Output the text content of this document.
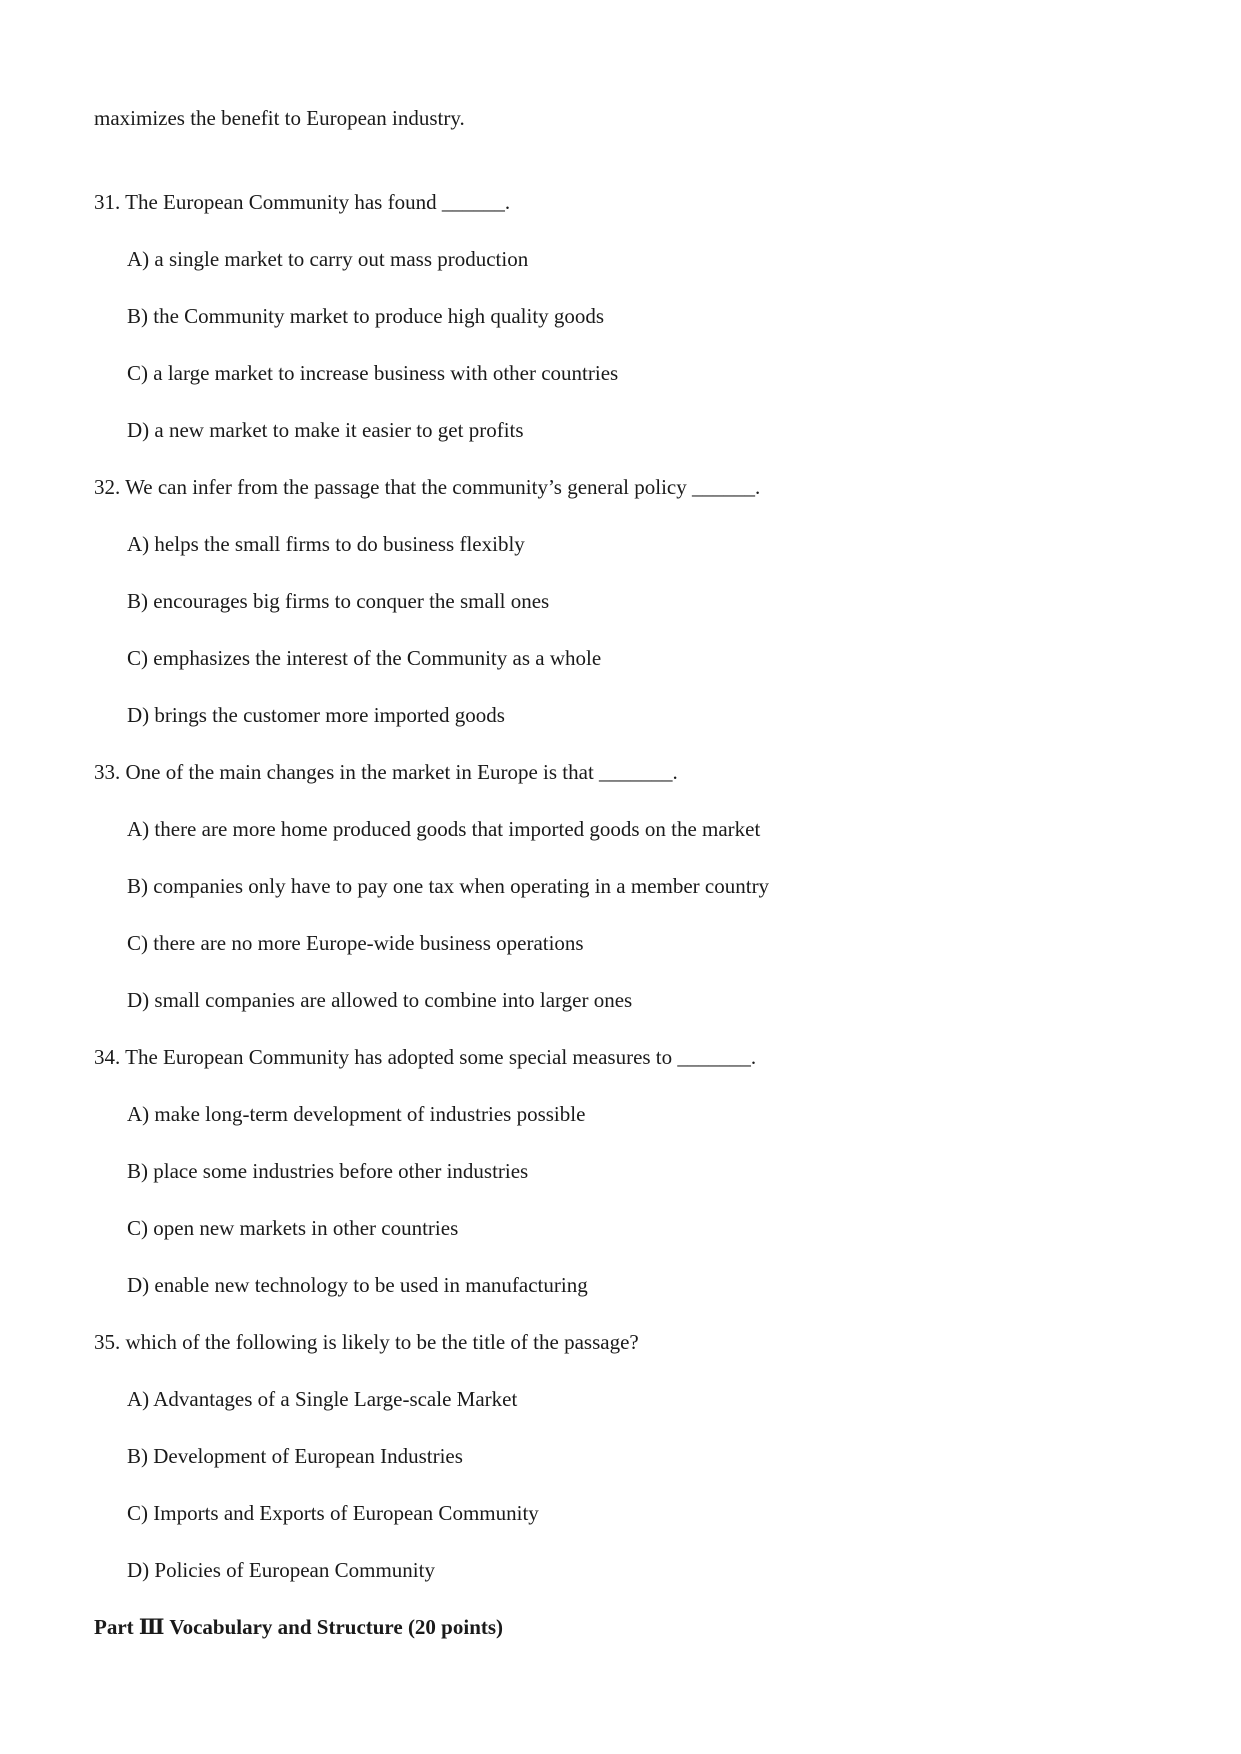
maximizes the benefit to European industry.

31. The European Community has found ______.

A) a single market to carry out mass production

B) the Community market to produce high quality goods

C) a large market to increase business with other countries

D) a new market to make it easier to get profits

32. We can infer from the passage that the community’s general policy ______.

A) helps the small firms to do business flexibly

B) encourages big firms to conquer the small ones

C) emphasizes the interest of the Community as a whole

D) brings the customer more imported goods

33. One of the main changes in the market in Europe is that _______.

A) there are more home produced goods that imported goods on the market

B) companies only have to pay one tax when operating in a member country

C) there are no more Europe-wide business operations

D) small companies are allowed to combine into larger ones

34. The European Community has adopted some special measures to _______.

A) make long-term development of industries possible

B) place some industries before other industries

C) open new markets in other countries

D) enable new technology to be used in manufacturing

35. which of the following is likely to be the title of the passage?

A) Advantages of a Single Large-scale Market

B) Development of European Industries

C) Imports and Exports of European Community

D) Policies of European Community

Part Ⅲ Vocabulary and Structure (20 points)
